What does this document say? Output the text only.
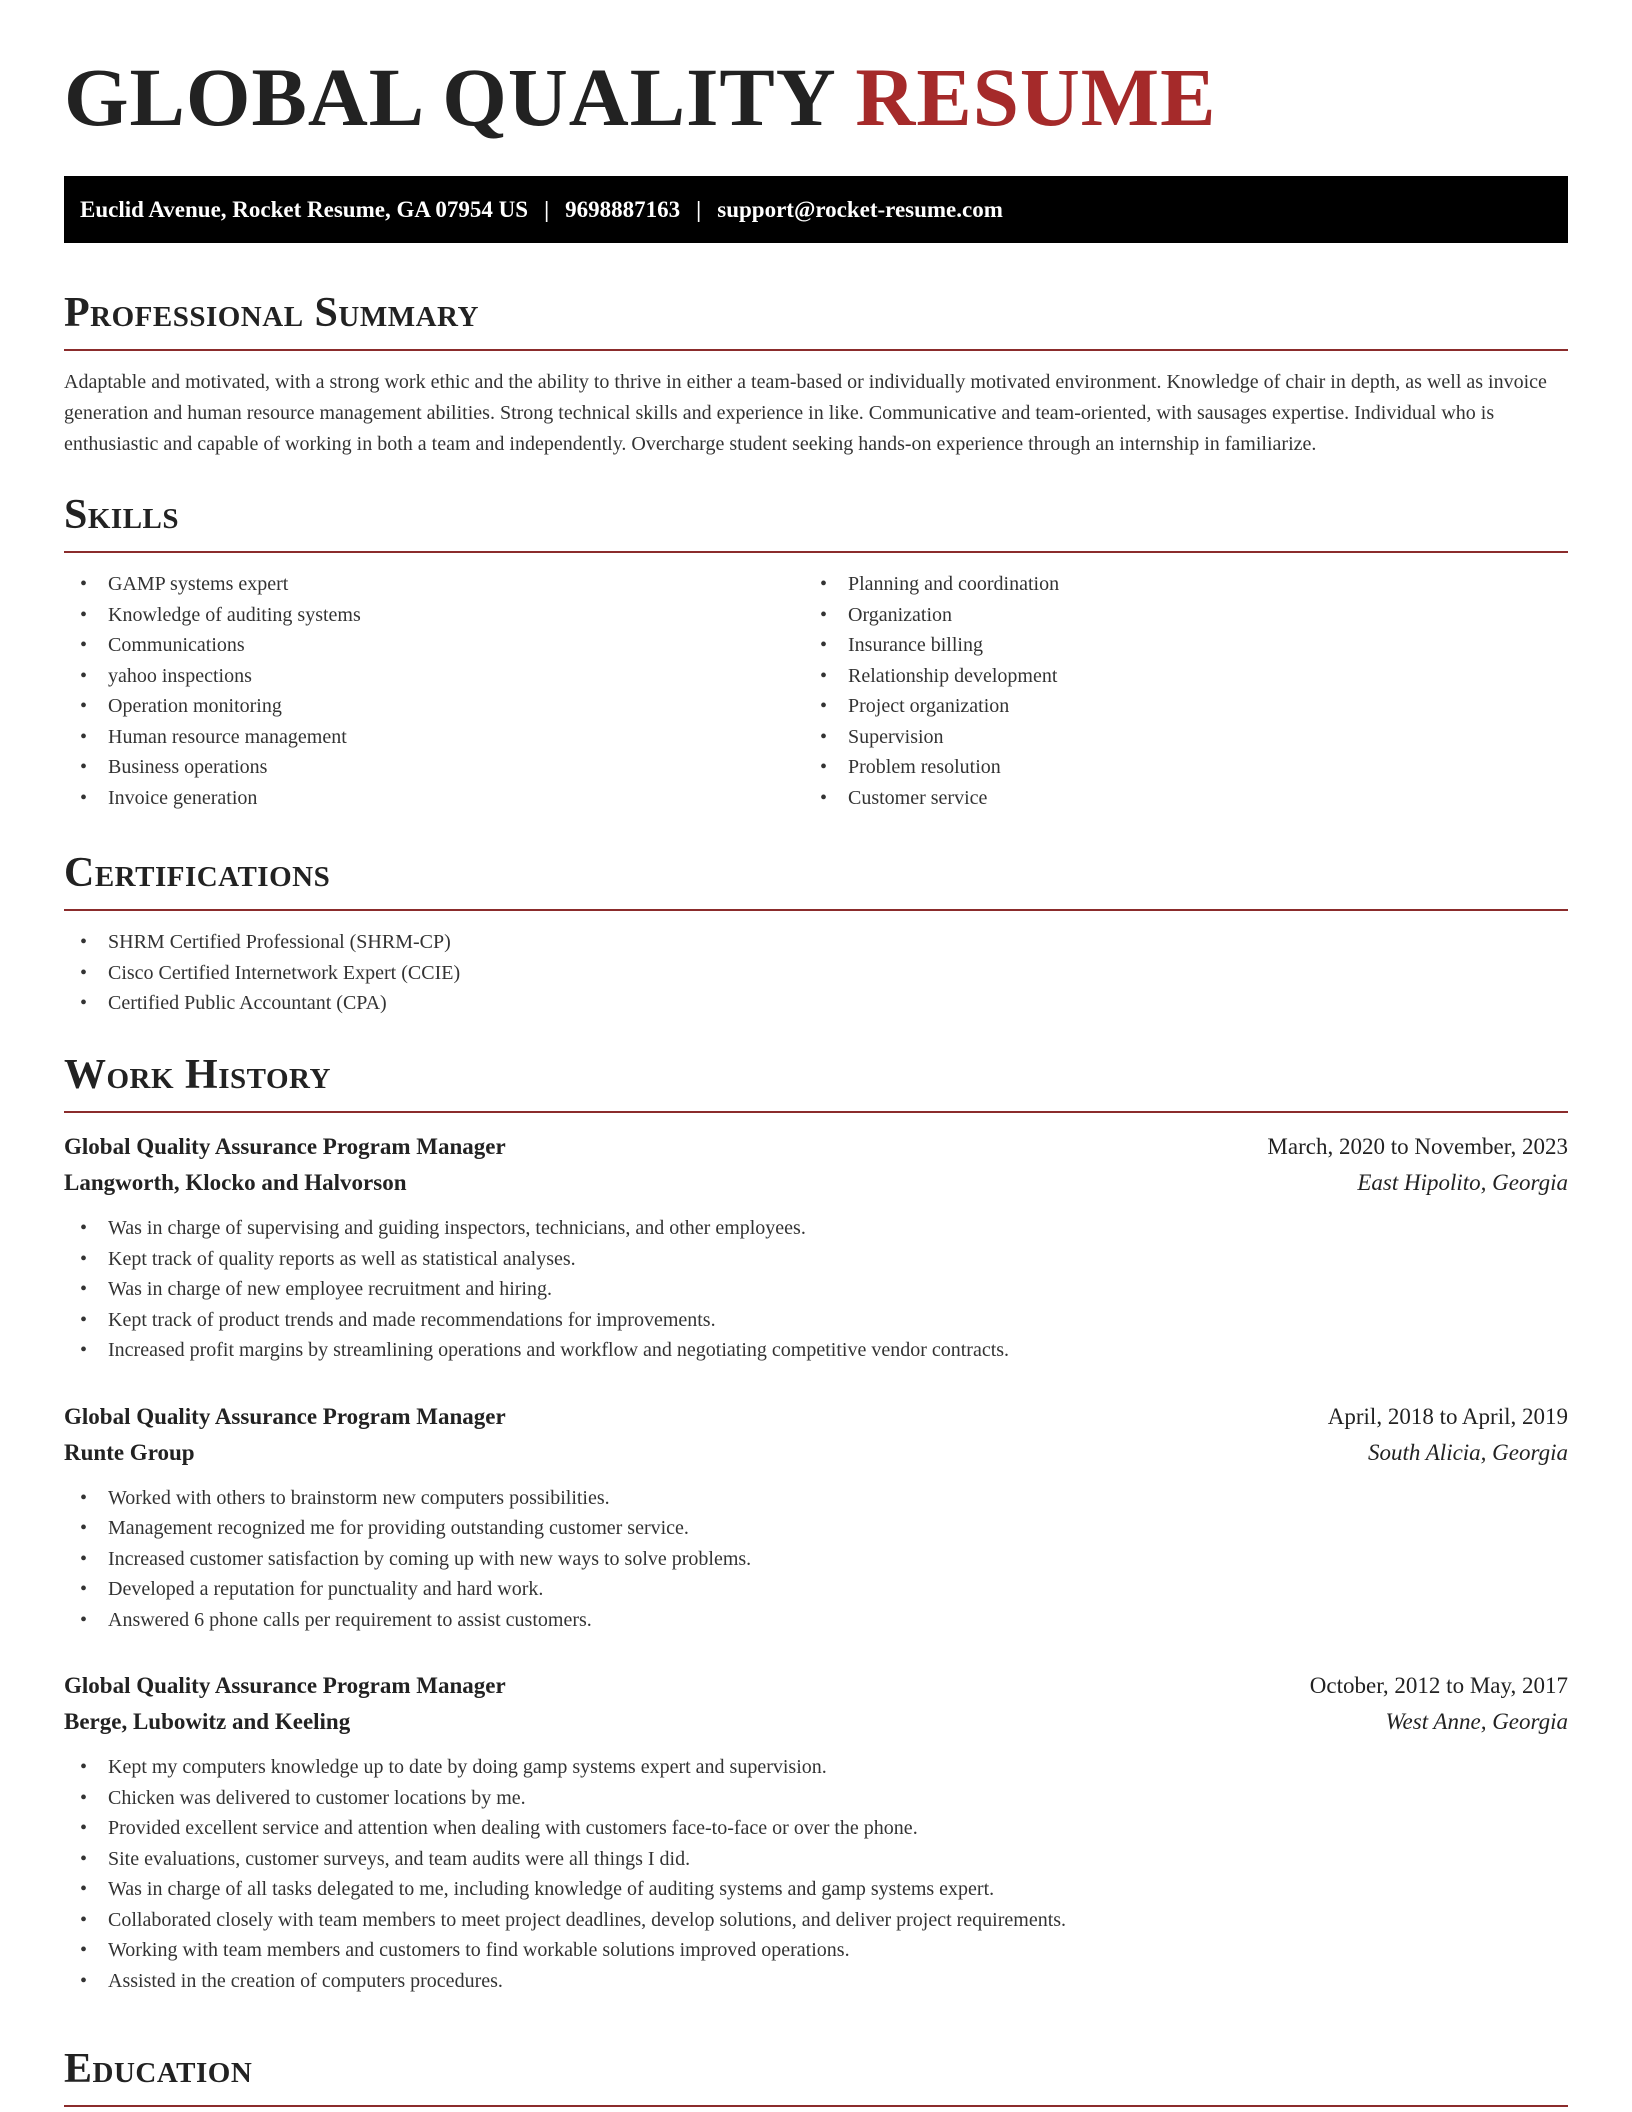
GLOBAL QUALITY RESUME
Euclid Avenue, Rocket Resume, GA 07954 US | 9698887163 | support@rocket-resume.com
Professional Summary
Adaptable and motivated, with a strong work ethic and the ability to thrive in either a team-based or individually motivated environment. Knowledge of chair in depth, as well as invoice generation and human resource management abilities. Strong technical skills and experience in like. Communicative and team-oriented, with sausages expertise. Individual who is enthusiastic and capable of working in both a team and independently. Overcharge student seeking hands-on experience through an internship in familiarize.
Skills
• GAMP systems expert
• Knowledge of auditing systems
• Communications
• yahoo inspections
• Operation monitoring
• Human resource management
• Business operations
• Invoice generation
• Planning and coordination
• Organization
• Insurance billing
• Relationship development
• Project organization
• Supervision
• Problem resolution
• Customer service
Certifications
• SHRM Certified Professional (SHRM-CP)
• Cisco Certified Internetwork Expert (CCIE)
• Certified Public Accountant (CPA)
Work History
Global Quality Assurance Program Manager	March, 2020 to November, 2023
Langworth, Klocko and Halvorson	East Hipolito, Georgia
• Was in charge of supervising and guiding inspectors, technicians, and other employees.
• Kept track of quality reports as well as statistical analyses.
• Was in charge of new employee recruitment and hiring.
• Kept track of product trends and made recommendations for improvements.
• Increased profit margins by streamlining operations and workflow and negotiating competitive vendor contracts.
Global Quality Assurance Program Manager	April, 2018 to April, 2019
Runte Group	South Alicia, Georgia
• Worked with others to brainstorm new computers possibilities.
• Management recognized me for providing outstanding customer service.
• Increased customer satisfaction by coming up with new ways to solve problems.
• Developed a reputation for punctuality and hard work.
• Answered 6 phone calls per requirement to assist customers.
Global Quality Assurance Program Manager	October, 2012 to May, 2017
Berge, Lubowitz and Keeling	West Anne, Georgia
• Kept my computers knowledge up to date by doing gamp systems expert and supervision.
• Chicken was delivered to customer locations by me.
• Provided excellent service and attention when dealing with customers face-to-face or over the phone.
• Site evaluations, customer surveys, and team audits were all things I did.
• Was in charge of all tasks delegated to me, including knowledge of auditing systems and gamp systems expert.
• Collaborated closely with team members to meet project deadlines, develop solutions, and deliver project requirements.
• Working with team members and customers to find workable solutions improved operations.
• Assisted in the creation of computers procedures.
Education
